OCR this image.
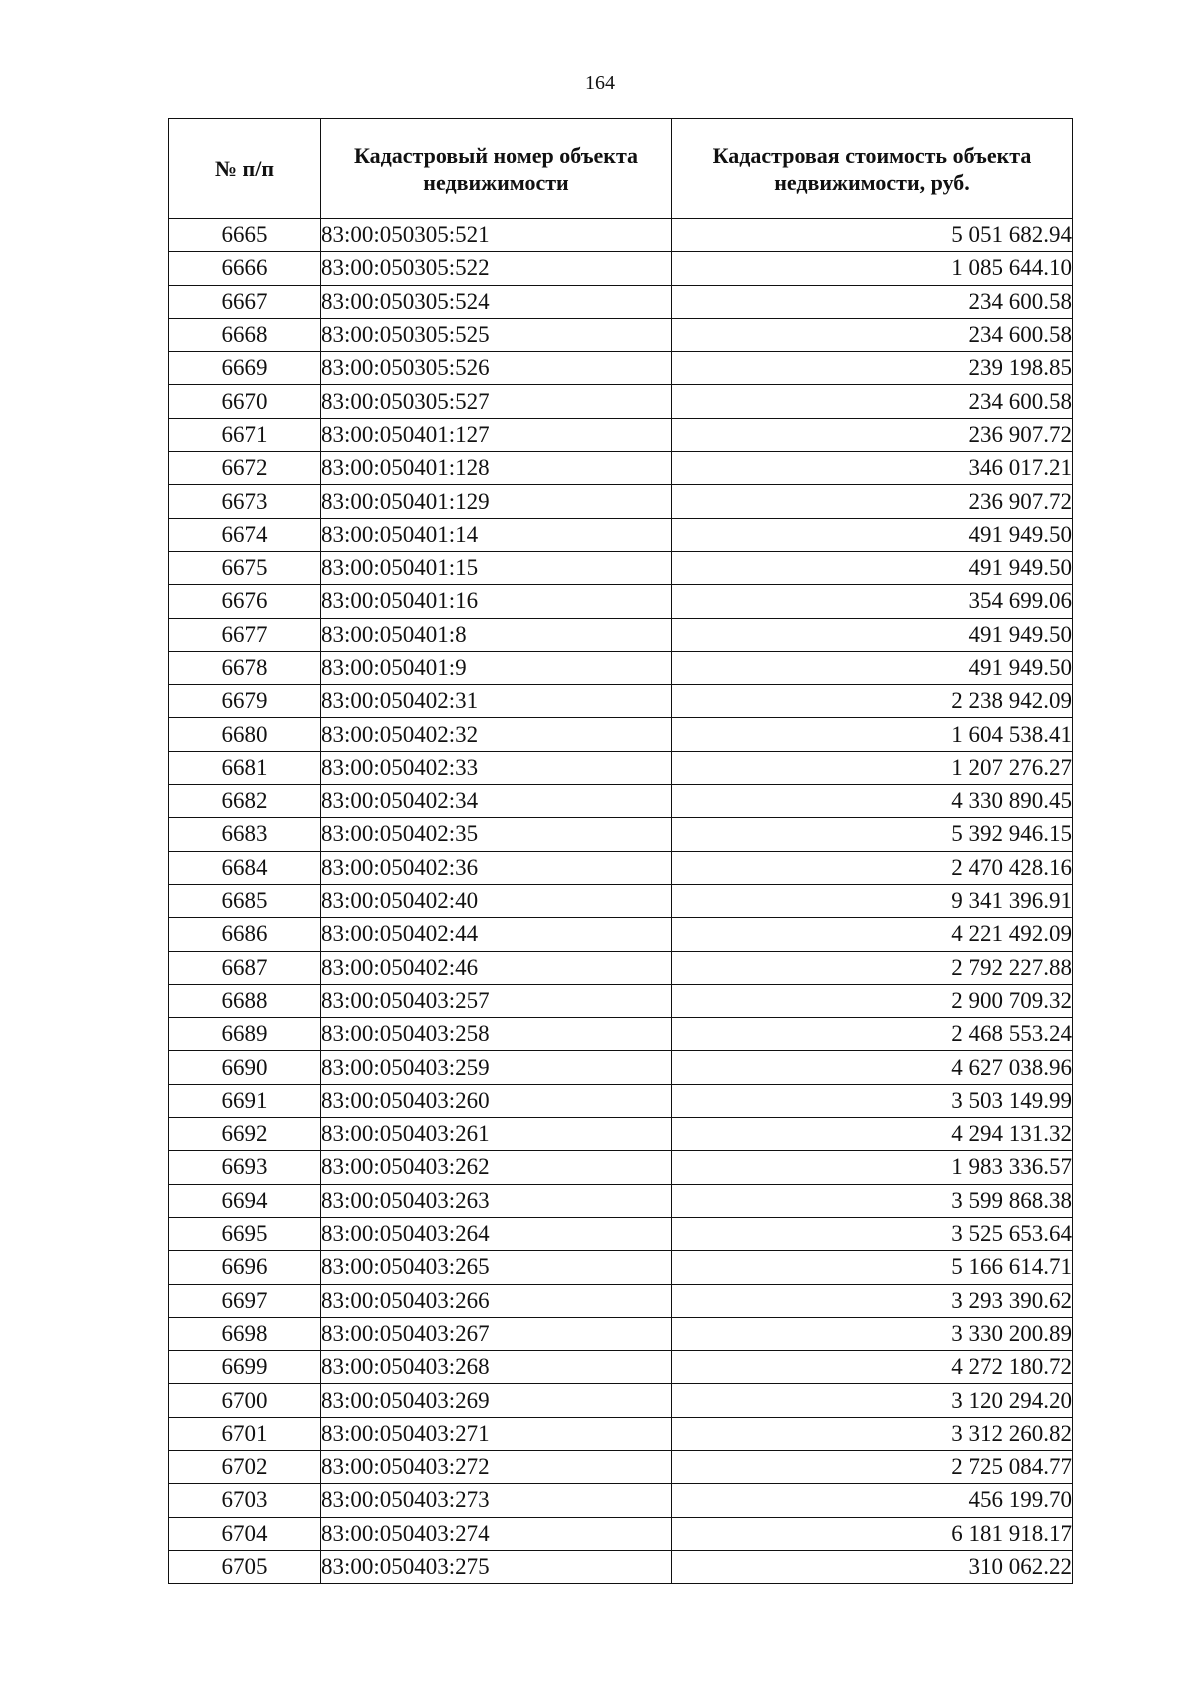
164
№ п/п	Кадастровый номер объекта недвижимости	Кадастровая стоимость объекта недвижимости, руб.
6665	83:00:050305:521	5 051 682.94
6666	83:00:050305:522	1 085 644.10
6667	83:00:050305:524	234 600.58
6668	83:00:050305:525	234 600.58
6669	83:00:050305:526	239 198.85
6670	83:00:050305:527	234 600.58
6671	83:00:050401:127	236 907.72
6672	83:00:050401:128	346 017.21
6673	83:00:050401:129	236 907.72
6674	83:00:050401:14	491 949.50
6675	83:00:050401:15	491 949.50
6676	83:00:050401:16	354 699.06
6677	83:00:050401:8	491 949.50
6678	83:00:050401:9	491 949.50
6679	83:00:050402:31	2 238 942.09
6680	83:00:050402:32	1 604 538.41
6681	83:00:050402:33	1 207 276.27
6682	83:00:050402:34	4 330 890.45
6683	83:00:050402:35	5 392 946.15
6684	83:00:050402:36	2 470 428.16
6685	83:00:050402:40	9 341 396.91
6686	83:00:050402:44	4 221 492.09
6687	83:00:050402:46	2 792 227.88
6688	83:00:050403:257	2 900 709.32
6689	83:00:050403:258	2 468 553.24
6690	83:00:050403:259	4 627 038.96
6691	83:00:050403:260	3 503 149.99
6692	83:00:050403:261	4 294 131.32
6693	83:00:050403:262	1 983 336.57
6694	83:00:050403:263	3 599 868.38
6695	83:00:050403:264	3 525 653.64
6696	83:00:050403:265	5 166 614.71
6697	83:00:050403:266	3 293 390.62
6698	83:00:050403:267	3 330 200.89
6699	83:00:050403:268	4 272 180.72
6700	83:00:050403:269	3 120 294.20
6701	83:00:050403:271	3 312 260.82
6702	83:00:050403:272	2 725 084.77
6703	83:00:050403:273	456 199.70
6704	83:00:050403:274	6 181 918.17
6705	83:00:050403:275	310 062.22
